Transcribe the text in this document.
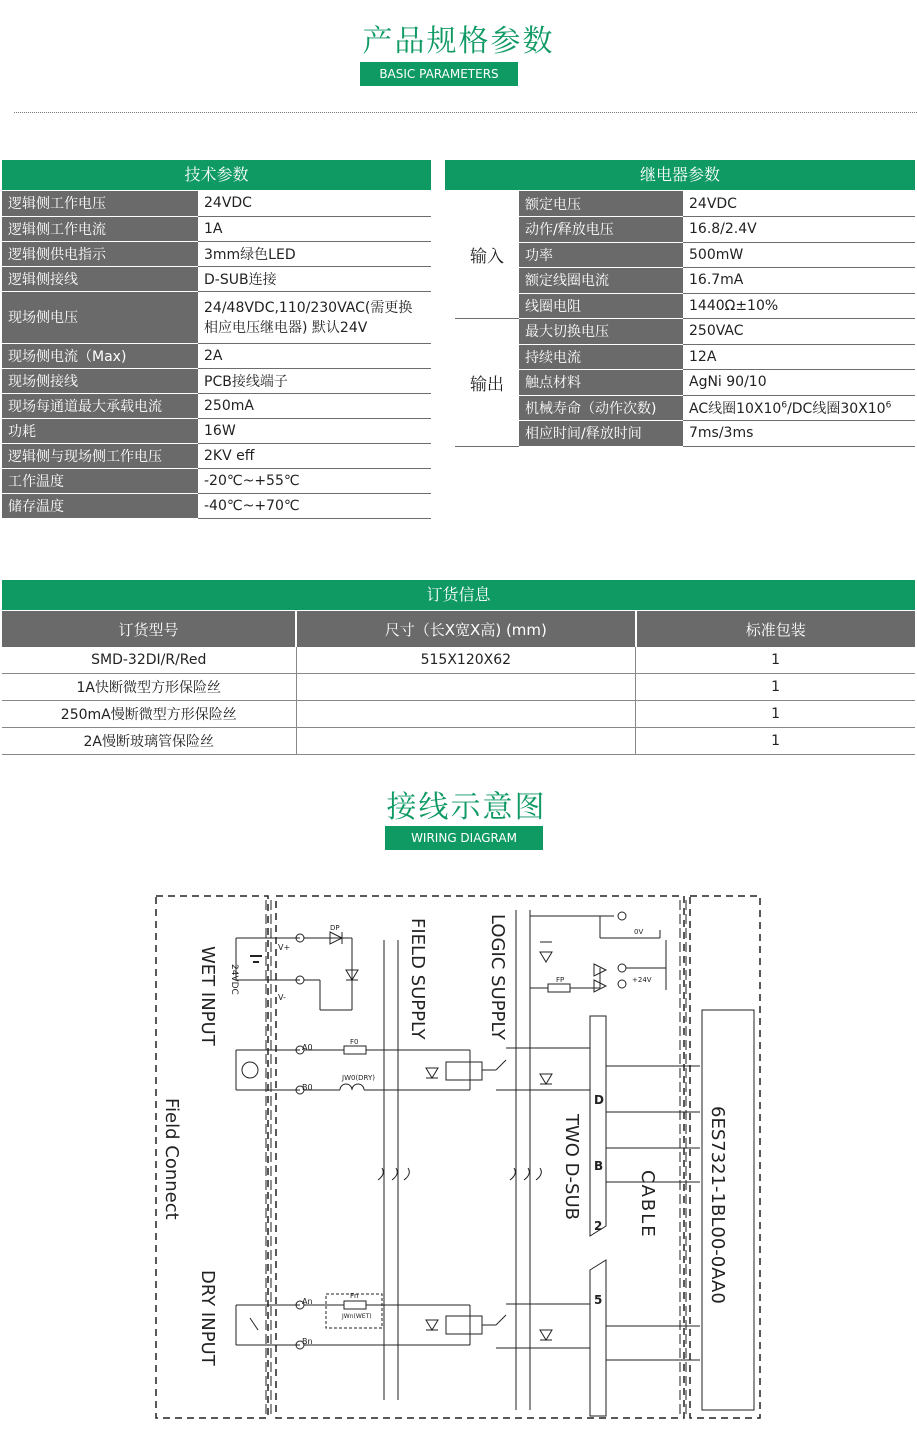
产品规格参数
BASIC PARAMETERS
技术参数
逻辑侧工作电压	24VDC
逻辑侧工作电流	1A
逻辑侧供电指示	3mm绿色LED
逻辑侧接线	D-SUB连接
现场侧电压	24/48VDC,110/230VAC(需更换相应电压继电器) 默认24V
现场侧电流（Max)	2A
现场侧接线	PCB接线端子
现场每通道最大承载电流	250mA
功耗	16W
逻辑侧与现场侧工作电压	2KV eff
工作温度	-20℃~+55℃
储存温度	-40℃~+70℃
继电器参数
输入	额定电压	24VDC
	动作/释放电压	16.8/2.4V
	功率	500mW
	额定线圈电流	16.7mA
	线圈电阻	1440Ω±10%
输出	最大切换电压	250VAC
	持续电流	12A
	触点材料	AgNi 90/10
	机械寿命（动作次数)	AC线圈$10X10^6/DC$线圈$30X10^6$
	相应时间/释放时间	7ms/3ms
订货信息
订货型号	尺寸（长X宽X高) (mm)	标准包装
SMD-32DI/R/Red	515X120X62	1
1A快断微型方形保险丝		1
250mA慢断微型方形保险丝		1
2A慢断玻璃管保险丝		1
接线示意图
WIRING DIAGRAM
24VDC
V+
V-
A0
B0
An
Bn
F0
Fn
JW0(DRY)
JWn(WET)
DP
FP
0V
+24V
WET INPUT
DRY INPUT
Field Connect
FIELD SUPPLY	LOGIC SUPPLY
TWO D-SUB	CABLE	6ES7321-1BL00-0AA0
D
B
2
5
